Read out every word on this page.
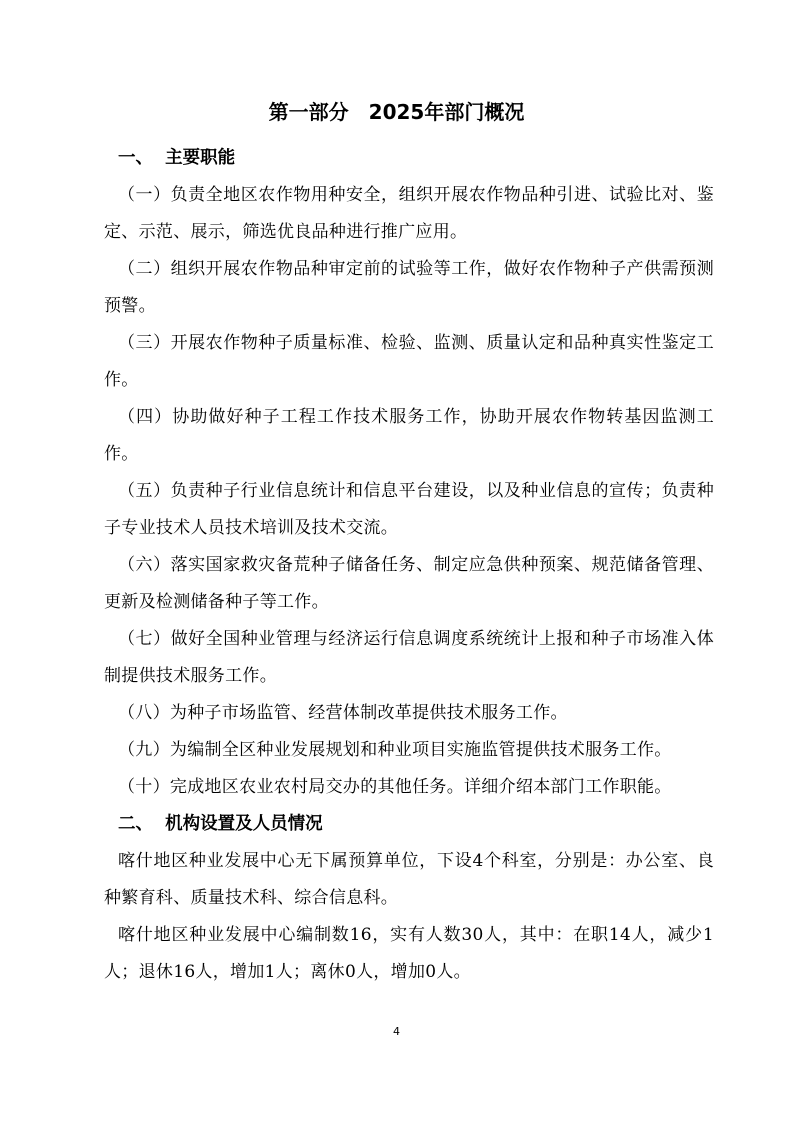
第一部分　2025年部门概况
一、  主要职能

（一）负责全地区农作物用种安全，组织开展农作物品种引进、试验比对、鉴定、示范、展示，筛选优良品种进行推广应用。

（二）组织开展农作物品种审定前的试验等工作，做好农作物种子产供需预测预警。

（三）开展农作物种子质量标准、检验、监测、质量认定和品种真实性鉴定工作。

（四）协助做好种子工程工作技术服务工作，协助开展农作物转基因监测工作。

（五）负责种子行业信息统计和信息平台建设，以及种业信息的宣传；负责种子专业技术人员技术培训及技术交流。

（六）落实国家救灾备荒种子储备任务、制定应急供种预案、规范储备管理、更新及检测储备种子等工作。

（七）做好全国种业管理与经济运行信息调度系统统计上报和种子市场准入体制提供技术服务工作。

（八）为种子市场监管、经营体制改革提供技术服务工作。

（九）为编制全区种业发展规划和种业项目实施监管提供技术服务工作。

（十）完成地区农业农村局交办的其他任务。详细介绍本部门工作职能。

二、  机构设置及人员情况

喀什地区种业发展中心无下属预算单位，下设4个科室，分别是：办公室、良种繁育科、质量技术科、综合信息科。

喀什地区种业发展中心编制数16，实有人数30人，其中：在职14人，减少1人；退休16人，增加1人；离休0人，增加0人。

4
